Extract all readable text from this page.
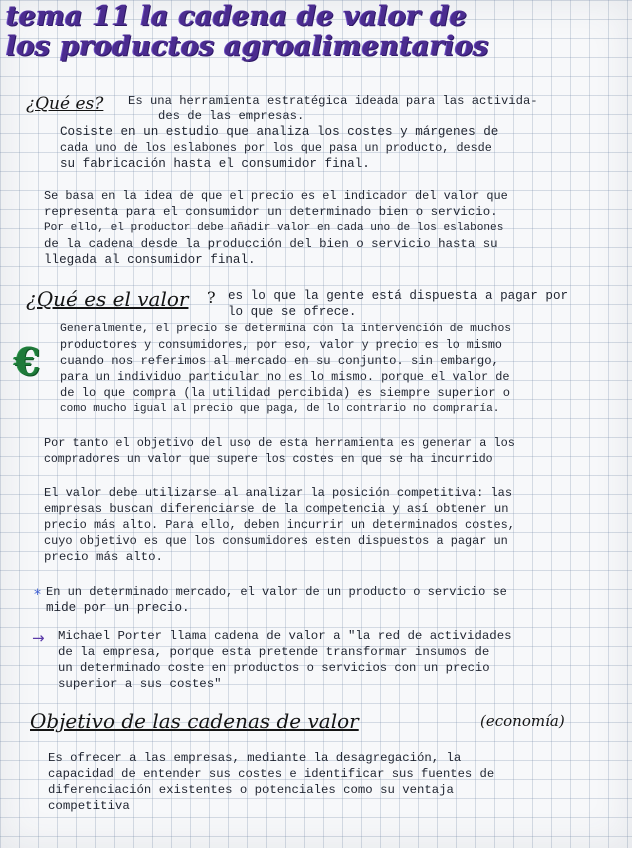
tema 11 la cadena de valor de
los productos agroalimentarios

¿Qué es? Es una herramienta estratégica ideada para las activida-

des de las empresas.

Cosiste en un estudio que analiza los costes y márgenes de

cada uno de los eslabones por los que pasa un producto, desde

su fabricación hasta el consumidor final.

Se basa en la idea de que el precio es el indicador del valor que

representa para el consumidor un determinado bien o servicio.

Por ello, el productor debe añadir valor en cada uno de los eslabones

de la cadena desde la producción del bien o servicio hasta su

llegada al consumidor final.

¿Qué es el valor ? es lo que la gente está dispuesta a pagar por

lo que se ofrece.

€

Generalmente, el precio se determina con la intervención de muchos

productores y consumidores, por eso, valor y precio es lo mismo

cuando nos referimos al mercado en su conjunto. sin embargo,

para un individuo particular no es lo mismo. porque el valor de

de lo que compra (la utilidad percibida) es siempre superior o

como mucho igual al precio que paga, de lo contrario no compraría.

Por tanto el objetivo del uso de esta herramienta es generar a los

compradores un valor que supere los costes en que se ha incurrido

El valor debe utilizarse al analizar la posición competitiva: las

empresas buscan diferenciarse de la competencia y así obtener un

precio más alto. Para ello, deben incurrir un determinados costes,

cuyo objetivo es que los consumidores esten dispuestos a pagar un

precio más alto.

* En un determinado mercado, el valor de un producto o servicio se

mide por un precio.

→ Michael Porter llama cadena de valor a "la red de actividades

de la empresa, porque esta pretende transformar insumos de

un determinado coste en productos o servicios con un precio

superior a sus costes"

Objetivo de las cadenas de valor	(economía)

Es ofrecer a las empresas, mediante la desagregación, la

capacidad de entender sus costes e identificar sus fuentes de

diferenciación existentes o potenciales como su ventaja

competitiva
